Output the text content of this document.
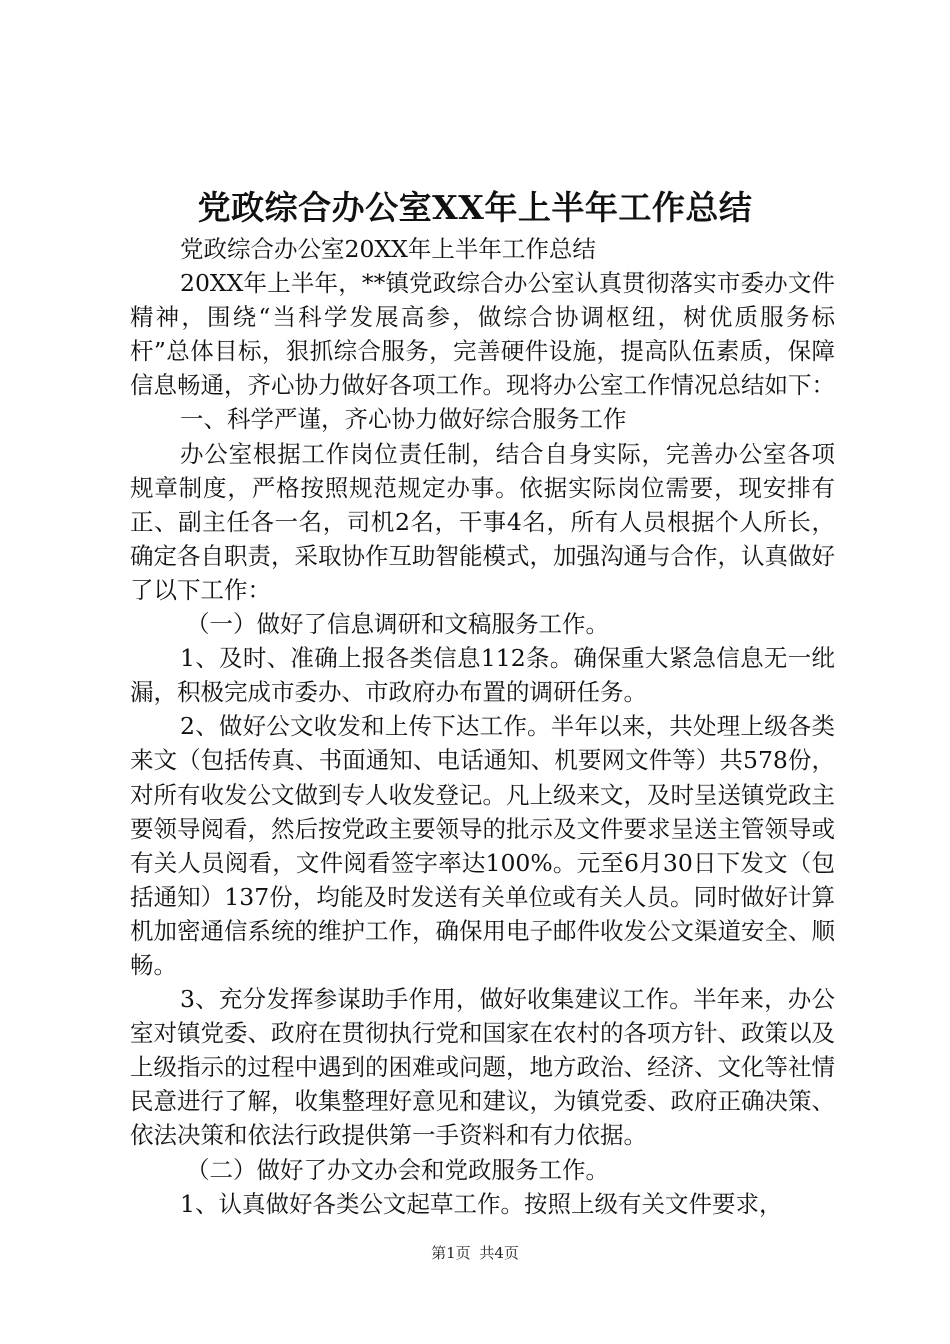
党政综合办公室XX年上半年工作总结

党政综合办公室20XX年上半年工作总结

20XX年上半年，**镇党政综合办公室认真贯彻落实市委办文件精神，围绕“当科学发展高参，做综合协调枢纽，树优质服务标杆”总体目标，狠抓综合服务，完善硬件设施，提高队伍素质，保障信息畅通，齐心协力做好各项工作。现将办公室工作情况总结如下：

一、科学严谨，齐心协力做好综合服务工作

办公室根据工作岗位责任制，结合自身实际，完善办公室各项规章制度，严格按照规范规定办事。依据实际岗位需要，现安排有正、副主任各一名，司机2名，干事4名，所有人员根据个人所长，确定各自职责，采取协作互助智能模式，加强沟通与合作，认真做好了以下工作：

（一）做好了信息调研和文稿服务工作。

1、及时、准确上报各类信息112条。确保重大紧急信息无一纰漏，积极完成市委办、市政府办布置的调研任务。

2、做好公文收发和上传下达工作。半年以来，共处理上级各类来文（包括传真、书面通知、电话通知、机要网文件等）共578份，对所有收发公文做到专人收发登记。凡上级来文，及时呈送镇党政主要领导阅看，然后按党政主要领导的批示及文件要求呈送主管领导或有关人员阅看，文件阅看签字率达100%。元至6月30日下发文（包括通知）137份，均能及时发送有关单位或有关人员。同时做好计算机加密通信系统的维护工作，确保用电子邮件收发公文渠道安全、顺畅。

3、充分发挥参谋助手作用，做好收集建议工作。半年来，办公室对镇党委、政府在贯彻执行党和国家在农村的各项方针、政策以及上级指示的过程中遇到的困难或问题，地方政治、经济、文化等社情民意进行了解，收集整理好意见和建议，为镇党委、政府正确决策、依法决策和依法行政提供第一手资料和有力依据。

（二）做好了办文办会和党政服务工作。

1、认真做好各类公文起草工作。按照上级有关文件要求，

第1页 共4页
